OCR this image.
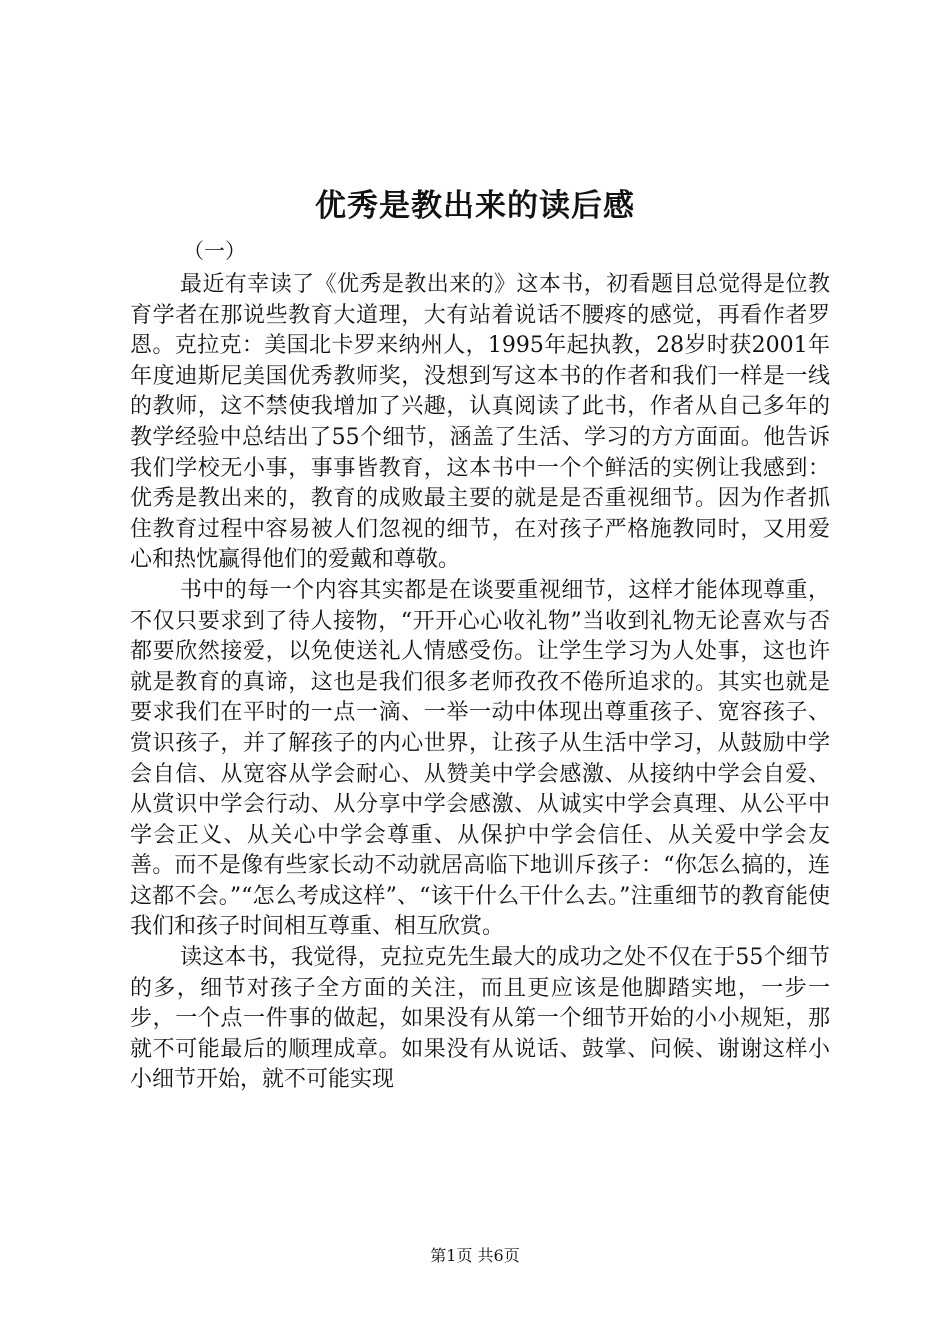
优秀是教出来的读后感
（一）

最近有幸读了《优秀是教出来的》这本书，初看题目总觉得是位教育学者在那说些教育大道理，大有站着说话不腰疼的感觉，再看作者罗恩。克拉克：美国北卡罗来纳州人，1995年起执教，28岁时获2001年年度迪斯尼美国优秀教师奖，没想到写这本书的作者和我们一样是一线的教师，这不禁使我增加了兴趣，认真阅读了此书，作者从自己多年的教学经验中总结出了55个细节，涵盖了生活、学习的方方面面。他告诉我们学校无小事，事事皆教育，这本书中一个个鲜活的实例让我感到：优秀是教出来的，教育的成败最主要的就是是否重视细节。因为作者抓住教育过程中容易被人们忽视的细节，在对孩子严格施教同时，又用爱心和热忱赢得他们的爱戴和尊敬。

书中的每一个内容其实都是在谈要重视细节，这样才能体现尊重，不仅只要求到了待人接物，“开开心心收礼物”当收到礼物无论喜欢与否都要欣然接爱，以免使送礼人情感受伤。让学生学习为人处事，这也许就是教育的真谛，这也是我们很多老师孜孜不倦所追求的。其实也就是要求我们在平时的一点一滴、一举一动中体现出尊重孩子、宽容孩子、赏识孩子，并了解孩子的内心世界，让孩子从生活中学习，从鼓励中学会自信、从宽容从学会耐心、从赞美中学会感激、从接纳中学会自爱、从赏识中学会行动、从分享中学会感激、从诚实中学会真理、从公平中学会正义、从关心中学会尊重、从保护中学会信任、从关爱中学会友善。而不是像有些家长动不动就居高临下地训斥孩子：“你怎么搞的，连这都不会。”“怎么考成这样”、“该干什么干什么去。”注重细节的教育能使我们和孩子时间相互尊重、相互欣赏。

读这本书，我觉得，克拉克先生最大的成功之处不仅在于55个细节的多，细节对孩子全方面的关注，而且更应该是他脚踏实地，一步一步，一个点一件事的做起，如果没有从第一个细节开始的小小规矩，那就不可能最后的顺理成章。如果没有从说话、鼓掌、问候、谢谢这样小小细节开始，就不可能实现

第1页 共6页
